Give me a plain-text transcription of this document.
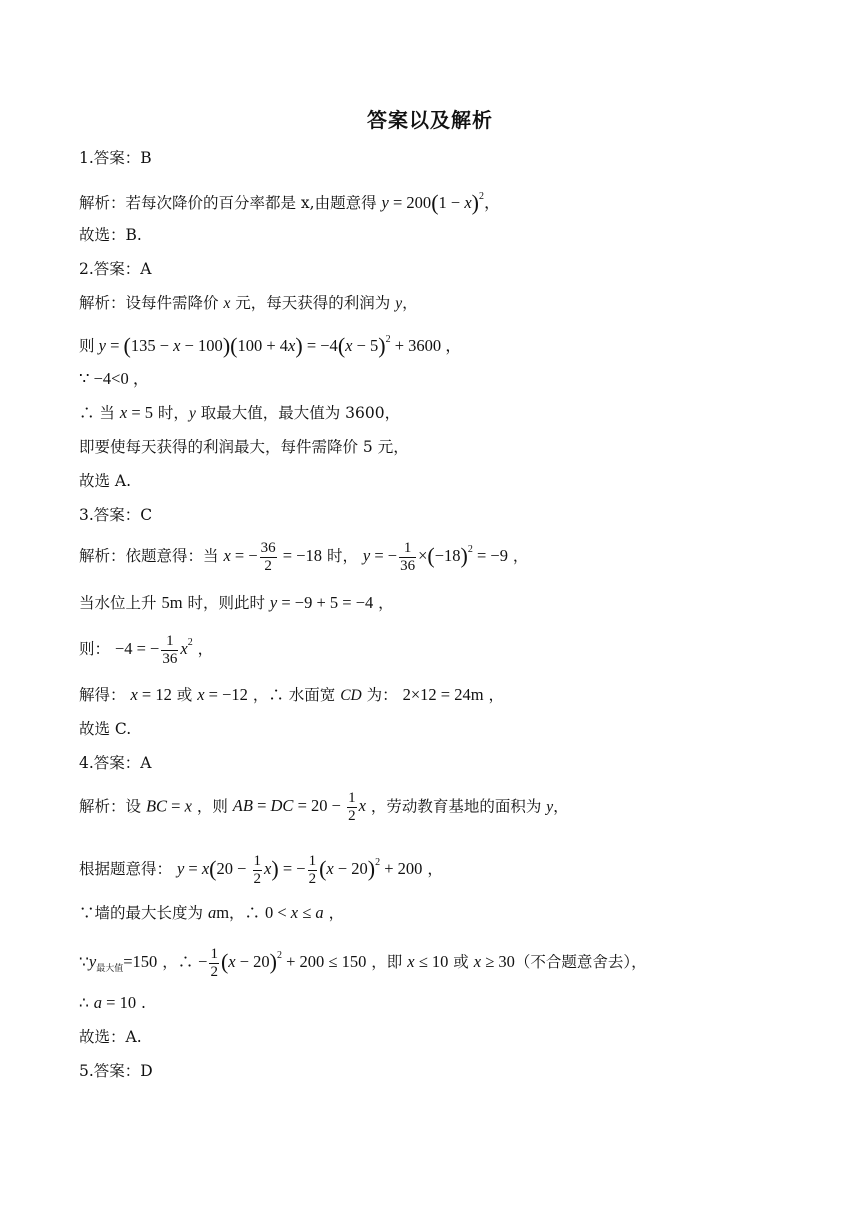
答案以及解析
1.答案：B
解析：若每次降价的百分率都是 x,由题意得 $y = 200(1 - x)^2$，
故选：B.
2.答案：A
解析：设每件需降价 x 元，每天获得的利润为 y，
则 $y = (135 - x - 100)(100 + 4x) = -4(x - 5)^2 + 3600$ ，
∵ −4<0 ，
∴ 当 x = 5 时，y 取最大值，最大值为 3600，
即要使每天获得的利润最大，每件需降价 5 元，
故选 A.
3.答案：C
解析：依题意得：当 x = − $\frac{36}{2} = -18$ 时， y = − $\frac{1}{36} \times(-18)^2 = -9$ ，
当水位上升 5m 时，则此时 y = −9 + 5 = −4 ，
则： −4 = − $\frac{1}{36} x^2$ ，
解得： x = 12 或 x = −12 ，∴ 水面宽 CD 为： 2×12 = 24m ，
故选 C.
4.答案：A
解析：设 BC = x ，则 AB = DC = $20 - \frac{1}{2}$ x ，劳动教育基地的面积为 y，
根据题意得： $y = x(20 - \frac{1}{2} x)$ = − $\frac{1}{2} (x - 20)^2 + 200$ ，
∵墙的最大长度为 am，∴ 0 < x ≤ a ，
$\because y_{最大值}=150$ ，∴ − $\frac{1}{2} (x - 20)^2 + 200 \le 150$ ，即 x ≤ 10 或 x ≥ 30（不合题意舍去），
∴ a = 10 .
故选：A.
5.答案：D
